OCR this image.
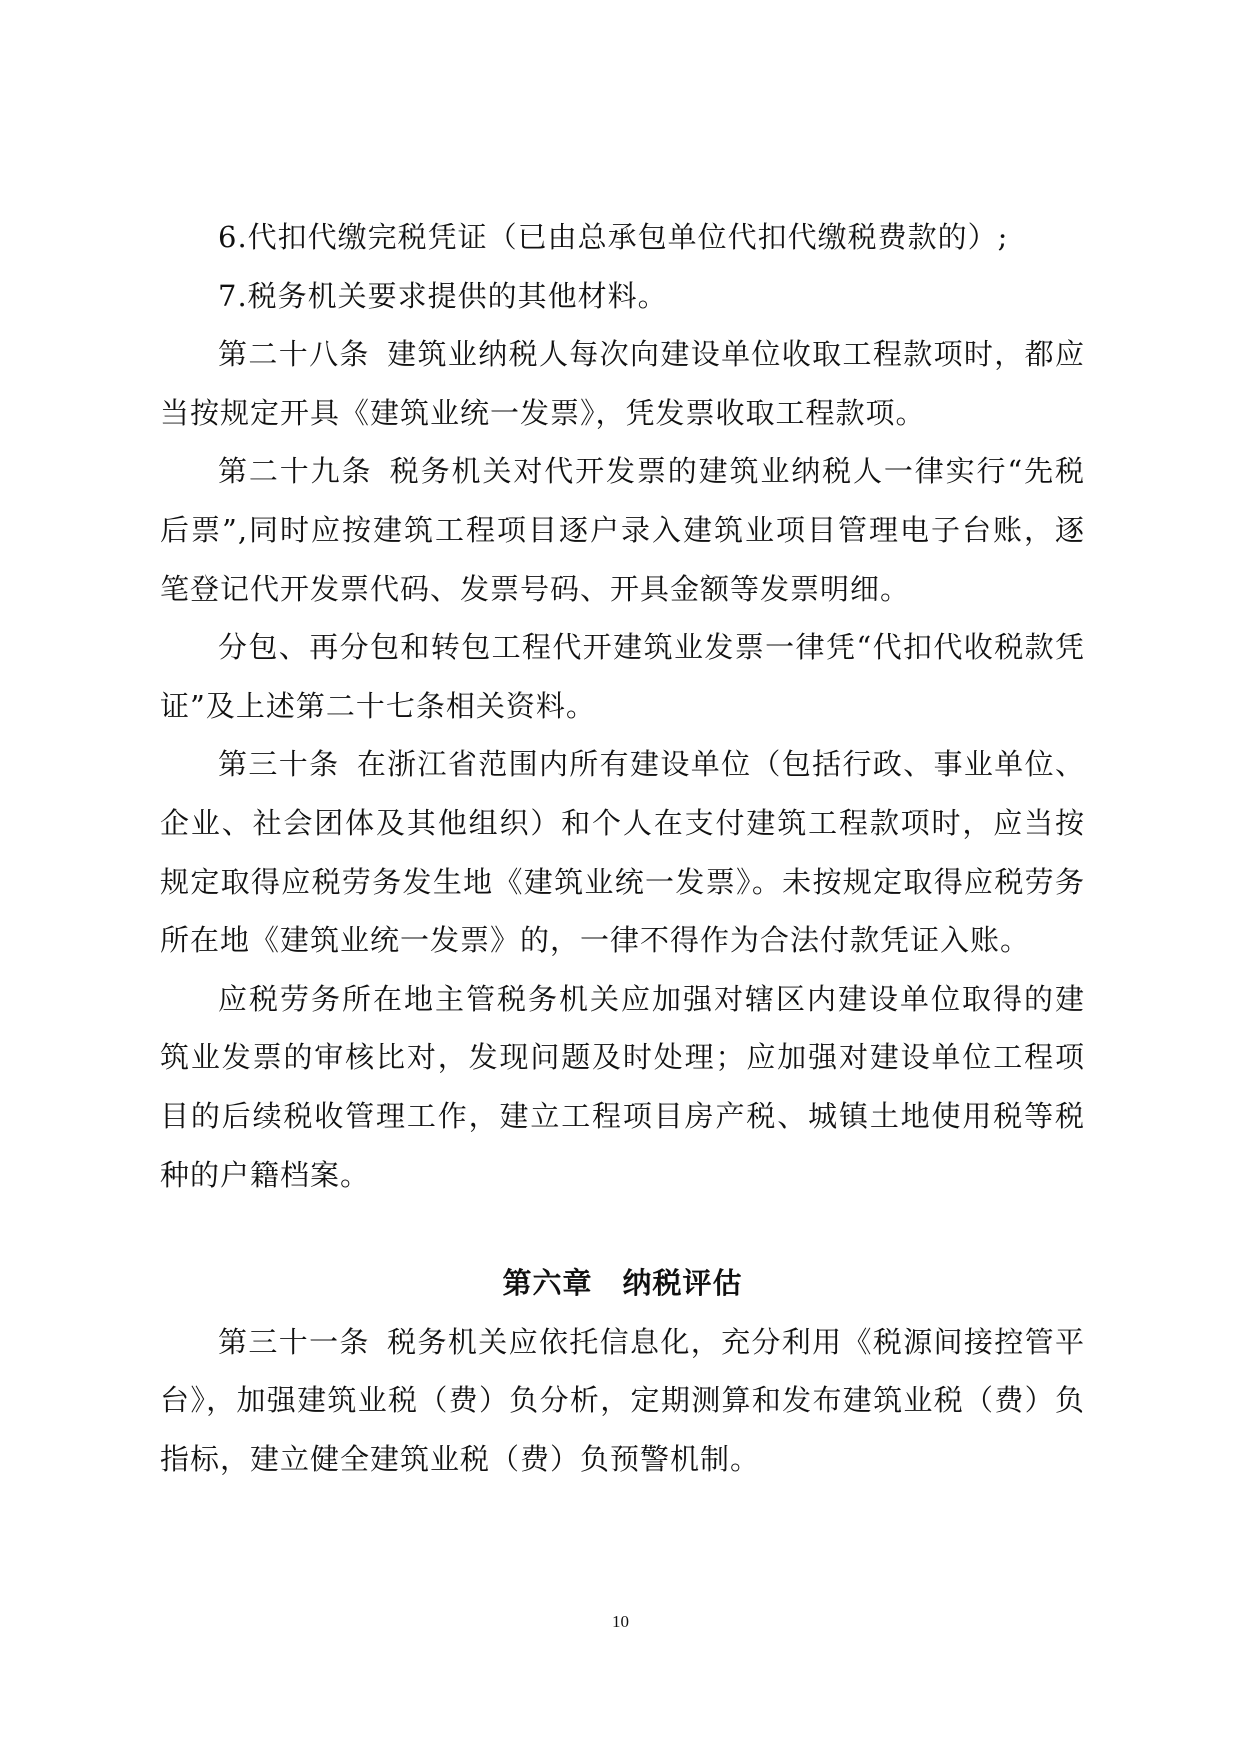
6.代扣代缴完税凭证（已由总承包单位代扣代缴税费款的）;

7.税务机关要求提供的其他材料。

第二十八条 建筑业纳税人每次向建设单位收取工程款项时，都应当按规定开具《建筑业统一发票》，凭发票收取工程款项。

第二十九条 税务机关对代开发票的建筑业纳税人一律实行“先税后票”,同时应按建筑工程项目逐户录入建筑业项目管理电子台账，逐笔登记代开发票代码、发票号码、开具金额等发票明细。

分包、再分包和转包工程代开建筑业发票一律凭“代扣代收税款凭证”及上述第二十七条相关资料。

第三十条 在浙江省范围内所有建设单位（包括行政、事业单位、企业、社会团体及其他组织）和个人在支付建筑工程款项时，应当按规定取得应税劳务发生地《建筑业统一发票》。未按规定取得应税劳务所在地《建筑业统一发票》的，一律不得作为合法付款凭证入账。

应税劳务所在地主管税务机关应加强对辖区内建设单位取得的建筑业发票的审核比对，发现问题及时处理；应加强对建设单位工程项目的后续税收管理工作，建立工程项目房产税、城镇土地使用税等税种的户籍档案。

第六章　纳税评估

第三十一条 税务机关应依托信息化，充分利用《税源间接控管平台》，加强建筑业税（费）负分析，定期测算和发布建筑业税（费）负指标，建立健全建筑业税（费）负预警机制。

10
